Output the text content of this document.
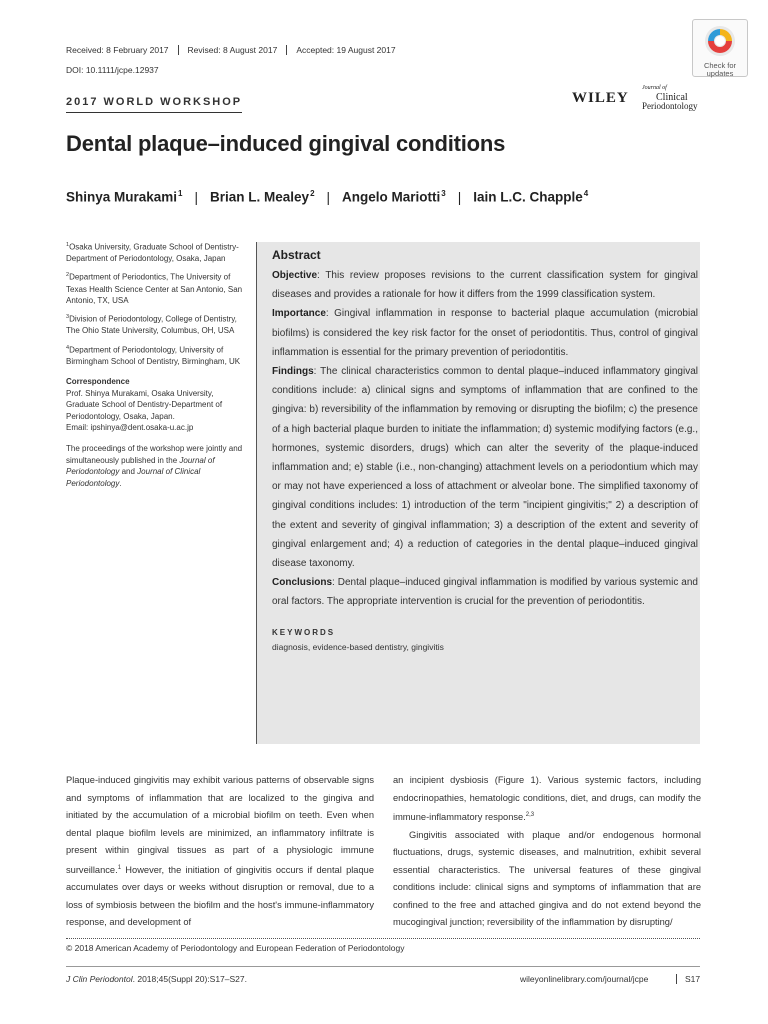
Received: 8 February 2017	Revised: 8 August 2017	Accepted: 19 August 2017
DOI: 10.1111/jcpe.12937	Check for
updates
2017 WORLD WORKSHOP	WILEY
Journal of
Clinical
Periodontology
Dental plaque–induced gingival conditions
Shinya Murakami$^1$ | Brian L. Mealey$^2$ | Angelo Mariotti$^3$ | Iain L.C. Chapple$^4$

$^1$Osaka University, Graduate School of Dentistry-Department of Periodontology, Osaka, Japan

$^2$Department of Periodontics, The University of Texas Health Science Center at San Antonio, San Antonio, TX, USA

$^3$Division of Periodontology, College of Dentistry, The Ohio State University, Columbus, OH, USA

$^4$Department of Periodontology, University of Birmingham School of Dentistry, Birmingham, UK

Correspondence

Prof. Shinya Murakami, Osaka University, Graduate School of Dentistry-Department of Periodontology, Osaka, Japan.

Email: ipshinya@dent.osaka-u.ac.jp

The proceedings of the workshop were jointly and simultaneously published in the Journal of Periodontology and Journal of Clinical Periodontology.

Abstract

Objective: This review proposes revisions to the current classification system for gingival diseases and provides a rationale for how it differs from the 1999 classification system.

Importance: Gingival inflammation in response to bacterial plaque accumulation (microbial biofilms) is considered the key risk factor for the onset of periodontitis. Thus, control of gingival inflammation is essential for the primary prevention of periodontitis.

Findings: The clinical characteristics common to dental plaque–induced inflammatory gingival conditions include: a) clinical signs and symptoms of inflammation that are confined to the gingiva: b) reversibility of the inflammation by removing or disrupting the biofilm; c) the presence of a high bacterial plaque burden to initiate the inflammation; d) systemic modifying factors (e.g., hormones, systemic disorders, drugs) which can alter the severity of the plaque-induced inflammation and; e) stable (i.e., non-changing) attachment levels on a periodontium which may or may not have experienced a loss of attachment or alveolar bone. The simplified taxonomy of gingival conditions includes: 1) introduction of the term "incipient gingivitis;" 2) a description of the extent and severity of gingival inflammation; 3) a description of the extent and severity of gingival enlargement and; 4) a reduction of categories in the dental plaque–induced gingival disease taxonomy.

Conclusions: Dental plaque–induced gingival inflammation is modified by various systemic and oral factors. The appropriate intervention is crucial for the prevention of periodontitis.

KEYWORDS

diagnosis, evidence-based dentistry, gingivitis

Plaque-induced gingivitis may exhibit various patterns of observable signs and symptoms of inflammation that are localized to the gingiva and initiated by the accumulation of a microbial biofilm on teeth. Even when dental plaque biofilm levels are minimized, an inflammatory infiltrate is present within gingival tissues as part of a physiologic immune surveillance.$^1$ However, the initiation of gingivitis occurs if dental plaque accumulates over days or weeks without disruption or removal, due to a loss of symbiosis between the biofilm and the host's immune-inflammatory response, and development of

an incipient dysbiosis (Figure 1). Various systemic factors, including endocrinopathies, hematologic conditions, diet, and drugs, can modify the immune-inflammatory response.$^{2,3}$

Gingivitis associated with plaque and/or endogenous hormonal fluctuations, drugs, systemic diseases, and malnutrition, exhibit several essential characteristics. The universal features of these gingival conditions include: clinical signs and symptoms of inflammation that are confined to the free and attached gingiva and do not extend beyond the mucogingival junction; reversibility of the inflammation by disrupting/

© 2018 American Academy of Periodontology and European Federation of Periodontology
J Clin Periodontol. 2018;45(Suppl 20):S17–S27.	wileyonlinelibrary.com/journal/jcpe	S17
